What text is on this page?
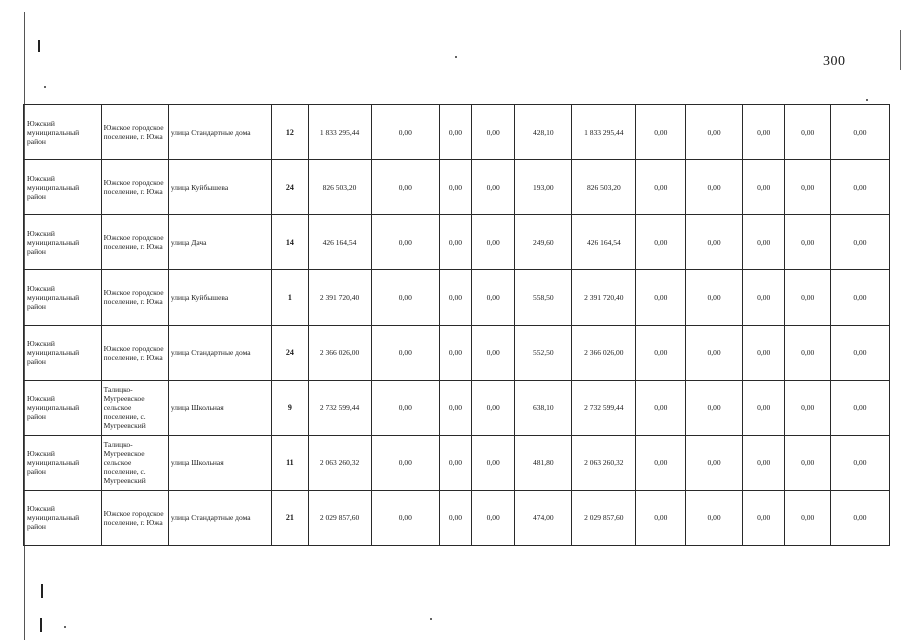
300
Южский муниципальный район	Южское городское поселение, г. Южа	улица Стандартные дома	12	1 833 295,44	0,00	0,00	0,00	428,10	1 833 295,44	0,00	0,00	0,00	0,00	0,00
Южский муниципальный район	Южское городское поселение, г. Южа	улица Куйбышева	24	826 503,20	0,00	0,00	0,00	193,00	826 503,20	0,00	0,00	0,00	0,00	0,00
Южский муниципальный район	Южское городское поселение, г. Южа	улица Дача	14	426 164,54	0,00	0,00	0,00	249,60	426 164,54	0,00	0,00	0,00	0,00	0,00
Южский муниципальный район	Южское городское поселение, г. Южа	улица Куйбышева	1	2 391 720,40	0,00	0,00	0,00	558,50	2 391 720,40	0,00	0,00	0,00	0,00	0,00
Южский муниципальный район	Южское городское поселение, г. Южа	улица Стандартные дома	24	2 366 026,00	0,00	0,00	0,00	552,50	2 366 026,00	0,00	0,00	0,00	0,00	0,00
Южский муниципальный район	Талицко-Мугреевское сельское поселение, с. Мугреевский	улица Школьная	9	2 732 599,44	0,00	0,00	0,00	638,10	2 732 599,44	0,00	0,00	0,00	0,00	0,00
Южский муниципальный район	Талицко-Мугреевское сельское поселение, с. Мугреевский	улица Школьная	11	2 063 260,32	0,00	0,00	0,00	481,80	2 063 260,32	0,00	0,00	0,00	0,00	0,00
Южский муниципальный район	Южское городское поселение, г. Южа	улица Стандартные дома	21	2 029 857,60	0,00	0,00	0,00	474,00	2 029 857,60	0,00	0,00	0,00	0,00	0,00
